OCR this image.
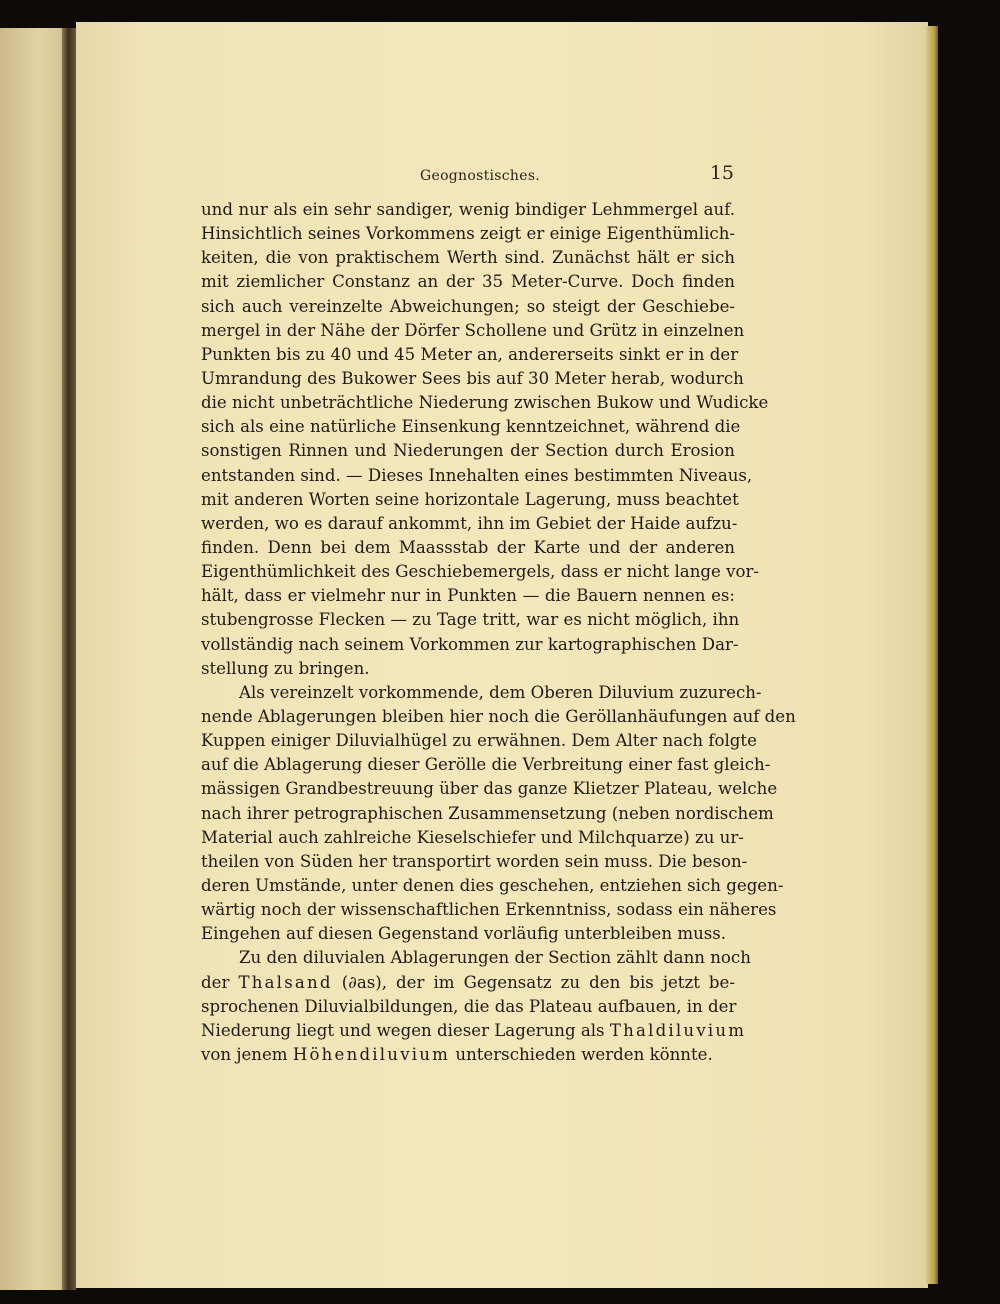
Geognostisches.	15
und nur als ein sehr sandiger, wenig bindiger Lehmmergel auf.
Hinsichtlich seines Vorkommens zeigt er einige Eigenthümlich-
keiten, die von praktischem Werth sind. Zunächst hält er sich
mit ziemlicher Constanz an der 35 Meter-Curve. Doch finden
sich auch vereinzelte Abweichungen; so steigt der Geschiebe-
mergel in der Nähe der Dörfer Schollene und Grütz in einzelnen
Punkten bis zu 40 und 45 Meter an, andererseits sinkt er in der
Umrandung des Bukower Sees bis auf 30 Meter herab, wodurch
die nicht unbeträchtliche Niederung zwischen Bukow und Wudicke
sich als eine natürliche Einsenkung kenntzeichnet, während die
sonstigen Rinnen und Niederungen der Section durch Erosion
entstanden sind. — Dieses Innehalten eines bestimmten Niveaus,
mit anderen Worten seine horizontale Lagerung, muss beachtet
werden, wo es darauf ankommt, ihn im Gebiet der Haide aufzu-
finden. Denn bei dem Maassstab der Karte und der anderen
Eigenthümlichkeit des Geschiebemergels, dass er nicht lange vor-
hält, dass er vielmehr nur in Punkten — die Bauern nennen es:
stubengrosse Flecken — zu Tage tritt, war es nicht möglich, ihn
vollständig nach seinem Vorkommen zur kartographischen Dar-
stellung zu bringen.
Als vereinzelt vorkommende, dem Oberen Diluvium zuzurech-
nende Ablagerungen bleiben hier noch die Geröllanhäufungen auf den
Kuppen einiger Diluvialhügel zu erwähnen. Dem Alter nach folgte
auf die Ablagerung dieser Gerölle die Verbreitung einer fast gleich-
mässigen Grandbestreuung über das ganze Klietzer Plateau, welche
nach ihrer petrographischen Zusammensetzung (neben nordischem
Material auch zahlreiche Kieselschiefer und Milchquarze) zu ur-
theilen von Süden her transportirt worden sein muss. Die beson-
deren Umstände, unter denen dies geschehen, entziehen sich gegen-
wärtig noch der wissenschaftlichen Erkenntniss, sodass ein näheres
Eingehen auf diesen Gegenstand vorläufig unterbleiben muss.
Zu den diluvialen Ablagerungen der Section zählt dann noch
der Thalsand (∂as), der im Gegensatz zu den bis jetzt be-
sprochenen Diluvialbildungen, die das Plateau aufbauen, in der
Niederung liegt und wegen dieser Lagerung als Thaldiluvium
von jenem Höhendiluvium unterschieden werden könnte.
